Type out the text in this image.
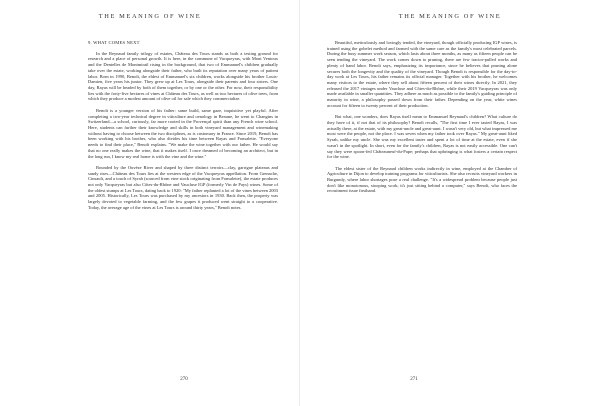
THE MEANING OF WINE
9. WHAT COMES NEXT

In the Reynaud family trilogy of estates, Château des Tours stands as both a testing ground for research and a place of personal growth. It is here, in the commune of Vacqueyras, with Mont Ventoux and the Dentelles de Montmirail rising in the background, that two of Emmanuel's children gradually take over the estate, working alongside their father, who built its reputation over many years of patient labor. Born in 1990, Benoît, the eldest of Emmanuel's six children, works alongside his brother Louis-Damien, five years his junior. They grew up at Les Tours, alongside their parents and four sisters. One day, Rayas will be headed by both of them together, or by one or the other. For now, their responsibility lies with the forty-five hectares of vines at Château des Tours, as well as two hectares of olive trees, from which they produce a modest amount of olive oil for sale which they commercialize.

Benoît is a younger version of his father: same build, same gaze, inquisitive yet playful. After completing a two-year technical degree in viticulture and oenology in Beaune, he went to Changins in Switzerland—a school, curiously, far more rooted in the Provençal spirit than any French wine school. Here, students can further their knowledge and skills in both vineyard management and winemaking without having to choose between the two disciplines, as is customary in France. Since 2019, Benoît has been working with his brother, who also divides his time between Rayas and Fonsalette. "Everyone needs to find their place," Benoît explains. "We make the wine together with our father. He would say that no one really makes the wine, that it makes itself. I once dreamed of becoming an architect, but in the long run, I know my real home is with the vine and the wine."

Bounded by the Ouvèze River and shaped by three distinct terroirs—clay, garrigue plateaus and sandy rises—Château des Tours lies at the western edge of the Vacqueyras appellation. From Grenache, Cinsault, and a touch of Syrah (sourced from vine stock originating from Fonsalette), the estate produces not only Vacqueyras but also Côtes-du-Rhône and Vaucluse IGP (formerly Vin de Pays) wines. Some of the oldest stumps at Les Tours, dating back to 1920: "My father replanted a lot of the vines between 2003 and 2005. Historically, Les Tours was purchased by my ancestors in 1930. Back then, the property was largely devoted to vegetable farming, and the few grapes it produced went straight to a cooperative. Today, the average age of the vines at Les Tours is around thirty years," Benoît notes.

270
THE MEANING OF WINE

Beautiful, meticulously and lovingly tended, the vineyard, though officially producing IGP wines, is trained using the gobelet method and farmed with the same care as the family's most celebrated parcels. During the busy summer work season, which lasts about three months, as many as fifteen people can be seen tending the vineyard. The work comes down to pruning, there are few tractor-pulled works and plenty of hand labor. Benoît says, emphasizing its importance, since he believes that pruning alone secures both the longevity and the quality of the vineyard. Though Benoît is responsible for the day-to-day work at Les Tours, his father remains its official manager. Together with his brother, he welcomes many visitors to the estate, where they sell about fifteen percent of their wines directly. In 2021, they released the 2017 vintages under Vaucluse and Côtes-du-Rhône, while their 2019 Vacqueyras was only made available in smaller quantities. They adhere as much as possible to the family's guiding principle of maturity in wine, a philosophy passed down from their father. Depending on the year, white wines account for fifteen to twenty percent of their production.

But what, one wonders, does Rayas itself mean to Emmanuel Reynaud's children? What culture do they have of it, if not that of its philosophy? Benoît recalls, "The first time I ever tasted Rayas, I was actually there, at the estate, with my great-uncle and great-aunt. I wasn't very old, but what impressed me most were the people, not the place. I was seven when my father took over Rayas." My great-aunt liked Syrah, unlike my uncle. She was my excellent taster and spent a lot of time at the estate, even if she wasn't in the spotlight. In short, even for the family's children, Rayas is not easily accessible. One can't say they were spoon-fed Châteauneuf-du-Pape; perhaps that upbringing is what fosters a certain respect for the wine.

The eldest sister of the Reynaud children works indirectly in wine, employed at the Chamber of Agriculture in Dijon to develop training programs for viticulturists. She also recruits vineyard workers in Burgundy, where labor shortages pose a real challenge. "It's a widespread problem because people just don't like monotonous, stooping work; it's just sitting behind a computer," says Benoît, who faces the recruitment issue firsthand.

271
